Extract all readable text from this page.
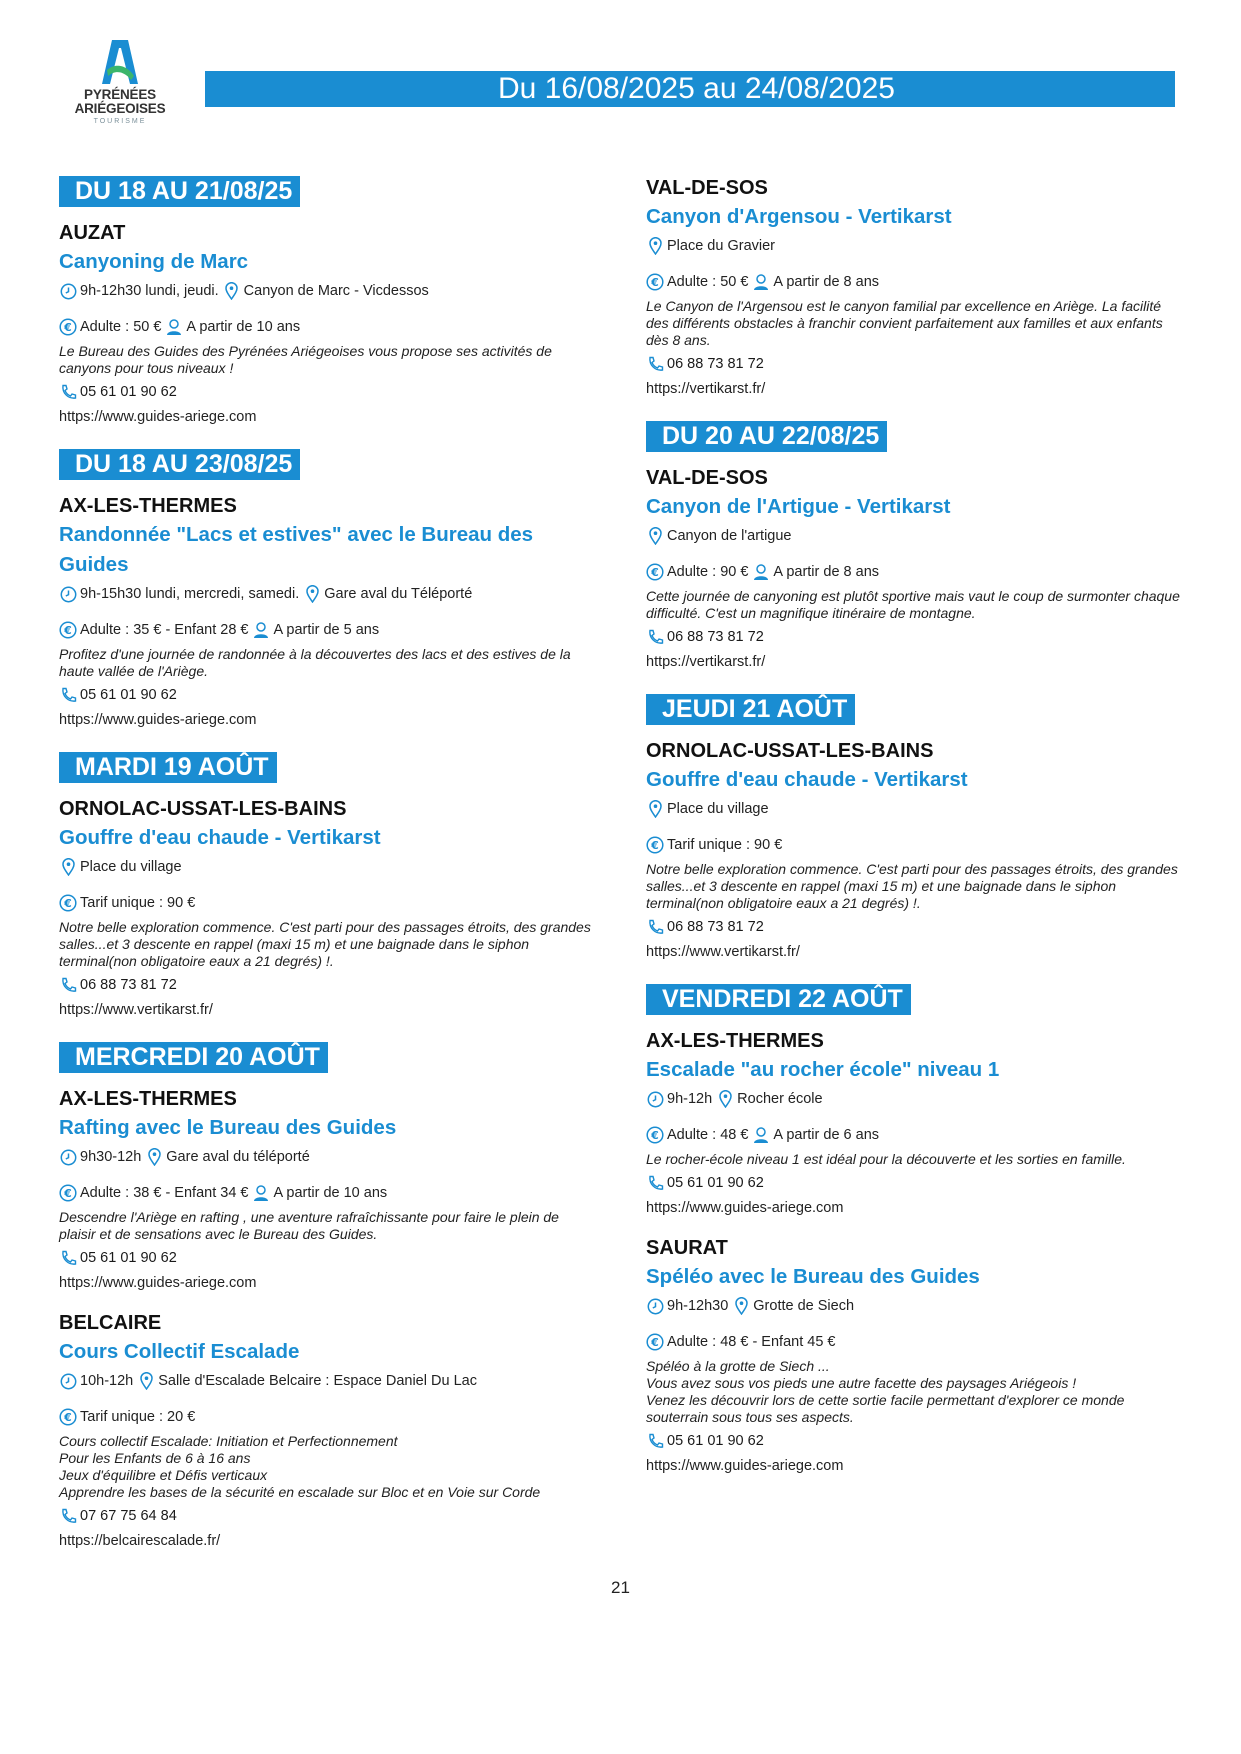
PYRÉNÉES
ARIÉGEOISES
TOURISME
Du 16/08/2025 au 24/08/2025
DU 18 AU 21/08/25
AUZAT
Canyoning de Marc
9h-12h30 lundi, jeudi. Canyon de Marc - Vicdessos
€ Adulte : 50 € A partir de 10 ans
Le Bureau des Guides des Pyrénées Ariégeoises vous propose ses activités de canyons pour tous niveaux !
05 61 01 90 62
https://www.guides-ariege.com
DU 18 AU 23/08/25
AX-LES-THERMES
Randonnée "Lacs et estives" avec le Bureau des Guides
9h-15h30 lundi, mercredi, samedi. Gare aval du Téléporté
€ Adulte : 35 € - Enfant 28 € A partir de 5 ans
Profitez d'une journée de randonnée à la découvertes des lacs et des estives de la haute vallée de l'Ariège.
05 61 01 90 62
https://www.guides-ariege.com
MARDI 19 AOÛT
ORNOLAC-USSAT-LES-BAINS
Gouffre d'eau chaude - Vertikarst
Place du village
€ Tarif unique : 90 €
Notre belle exploration commence. C'est parti pour des passages étroits, des grandes salles...et 3 descente en rappel (maxi 15 m) et une baignade dans le siphon terminal(non obligatoire eaux a 21 degrés) !.
06 88 73 81 72
https://www.vertikarst.fr/
MERCREDI 20 AOÛT
AX-LES-THERMES
Rafting avec le Bureau des Guides
9h30-12h Gare aval du téléporté
€ Adulte : 38 € - Enfant 34 € A partir de 10 ans
Descendre l'Ariège en rafting , une aventure rafraîchissante pour faire le plein de plaisir et de sensations avec le Bureau des Guides.
05 61 01 90 62
https://www.guides-ariege.com
BELCAIRE
Cours Collectif Escalade
10h-12h Salle d'Escalade Belcaire : Espace Daniel Du Lac
€ Tarif unique : 20 €
Cours collectif Escalade: Initiation et Perfectionnement
Pour les Enfants de 6 à 16 ans
Jeux d'équilibre et Défis verticaux
Apprendre les bases de la sécurité en escalade sur Bloc et en Voie sur Corde
07 67 75 64 84
https://belcairescalade.fr/
VAL-DE-SOS
Canyon d'Argensou - Vertikarst
Place du Gravier
€ Adulte : 50 € A partir de 8 ans
Le Canyon de l'Argensou est le canyon familial par excellence en Ariège. La facilité des différents obstacles à franchir convient parfaitement aux familles et aux enfants dès 8 ans.
06 88 73 81 72
https://vertikarst.fr/
DU 20 AU 22/08/25
VAL-DE-SOS
Canyon de l'Artigue - Vertikarst
Canyon de l'artigue
€ Adulte : 90 € A partir de 8 ans
Cette journée de canyoning est plutôt sportive mais vaut le coup de surmonter chaque difficulté. C'est un magnifique itinéraire de montagne.
06 88 73 81 72
https://vertikarst.fr/
JEUDI 21 AOÛT
ORNOLAC-USSAT-LES-BAINS
Gouffre d'eau chaude - Vertikarst
Place du village
€ Tarif unique : 90 €
Notre belle exploration commence. C'est parti pour des passages étroits, des grandes salles...et 3 descente en rappel (maxi 15 m) et une baignade dans le siphon terminal(non obligatoire eaux a 21 degrés) !.
06 88 73 81 72
https://www.vertikarst.fr/
VENDREDI 22 AOÛT
AX-LES-THERMES
Escalade "au rocher école" niveau 1
9h-12h Rocher école
€ Adulte : 48 € A partir de 6 ans
Le rocher-école niveau 1 est idéal pour la découverte et les sorties en famille.
05 61 01 90 62
https://www.guides-ariege.com
SAURAT
Spéléo avec le Bureau des Guides
9h-12h30 Grotte de Siech
€ Adulte : 48 € - Enfant 45 €
Spéléo à la grotte de Siech ...
Vous avez sous vos pieds une autre facette des paysages Ariégeois !
Venez les découvrir lors de cette sortie facile permettant d'explorer ce monde souterrain sous tous ses aspects.
05 61 01 90 62
https://www.guides-ariege.com
21
